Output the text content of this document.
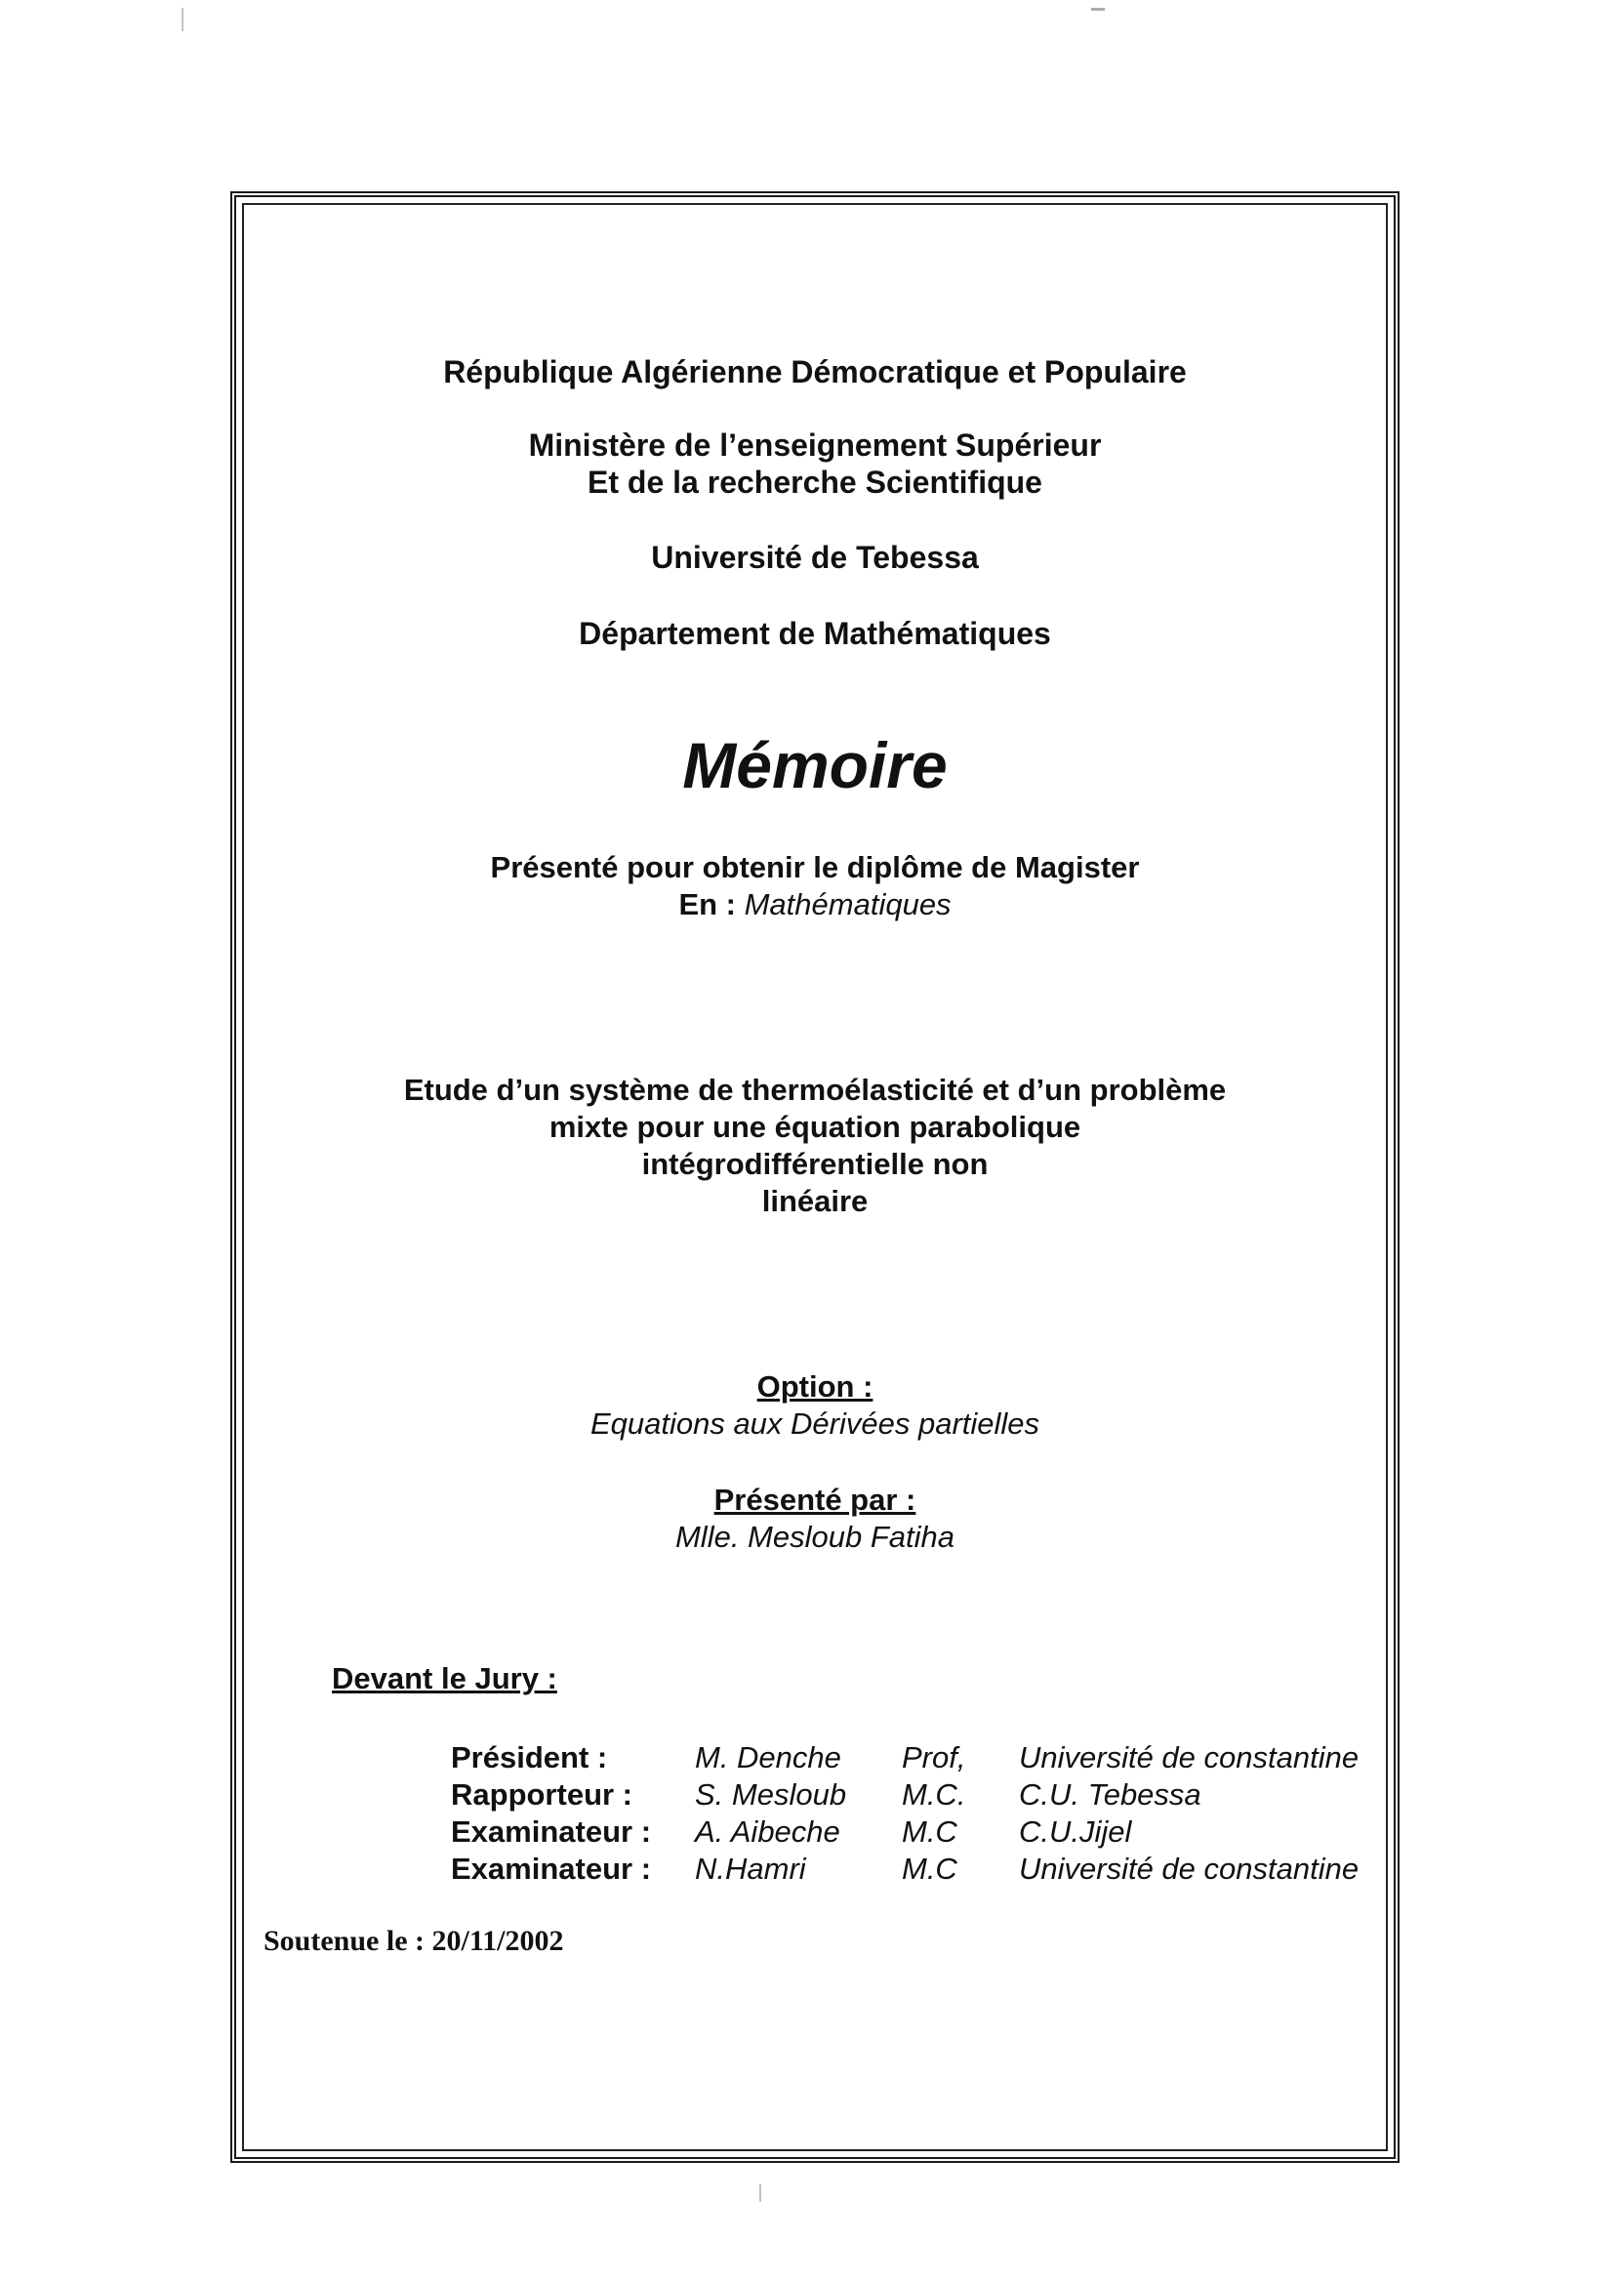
République Algérienne Démocratique et Populaire
Ministère de l’enseignement Supérieur
Et de la recherche Scientifique
Université de Tebessa
Département de Mathématiques
Mémoire
Présenté pour obtenir le diplôme de Magister
En : Mathématiques
Etude d’un système de thermoélasticité et d’un problème
mixte pour une équation parabolique
intégrodifférentielle non
linéaire
Option :
Equations aux Dérivées partielles
Présenté par :
Mlle. Mesloub Fatiha
Devant le Jury :
Président :	M. Denche Prof, Université de constantine
Rapporteur : S. Mesloub M.C. C.U. Tebessa
Examinateur : A. Aibeche M.C C.U.Jijel
Examinateur : N.Hamri	M.C Université de constantine
Soutenue le : 20/11/2002
